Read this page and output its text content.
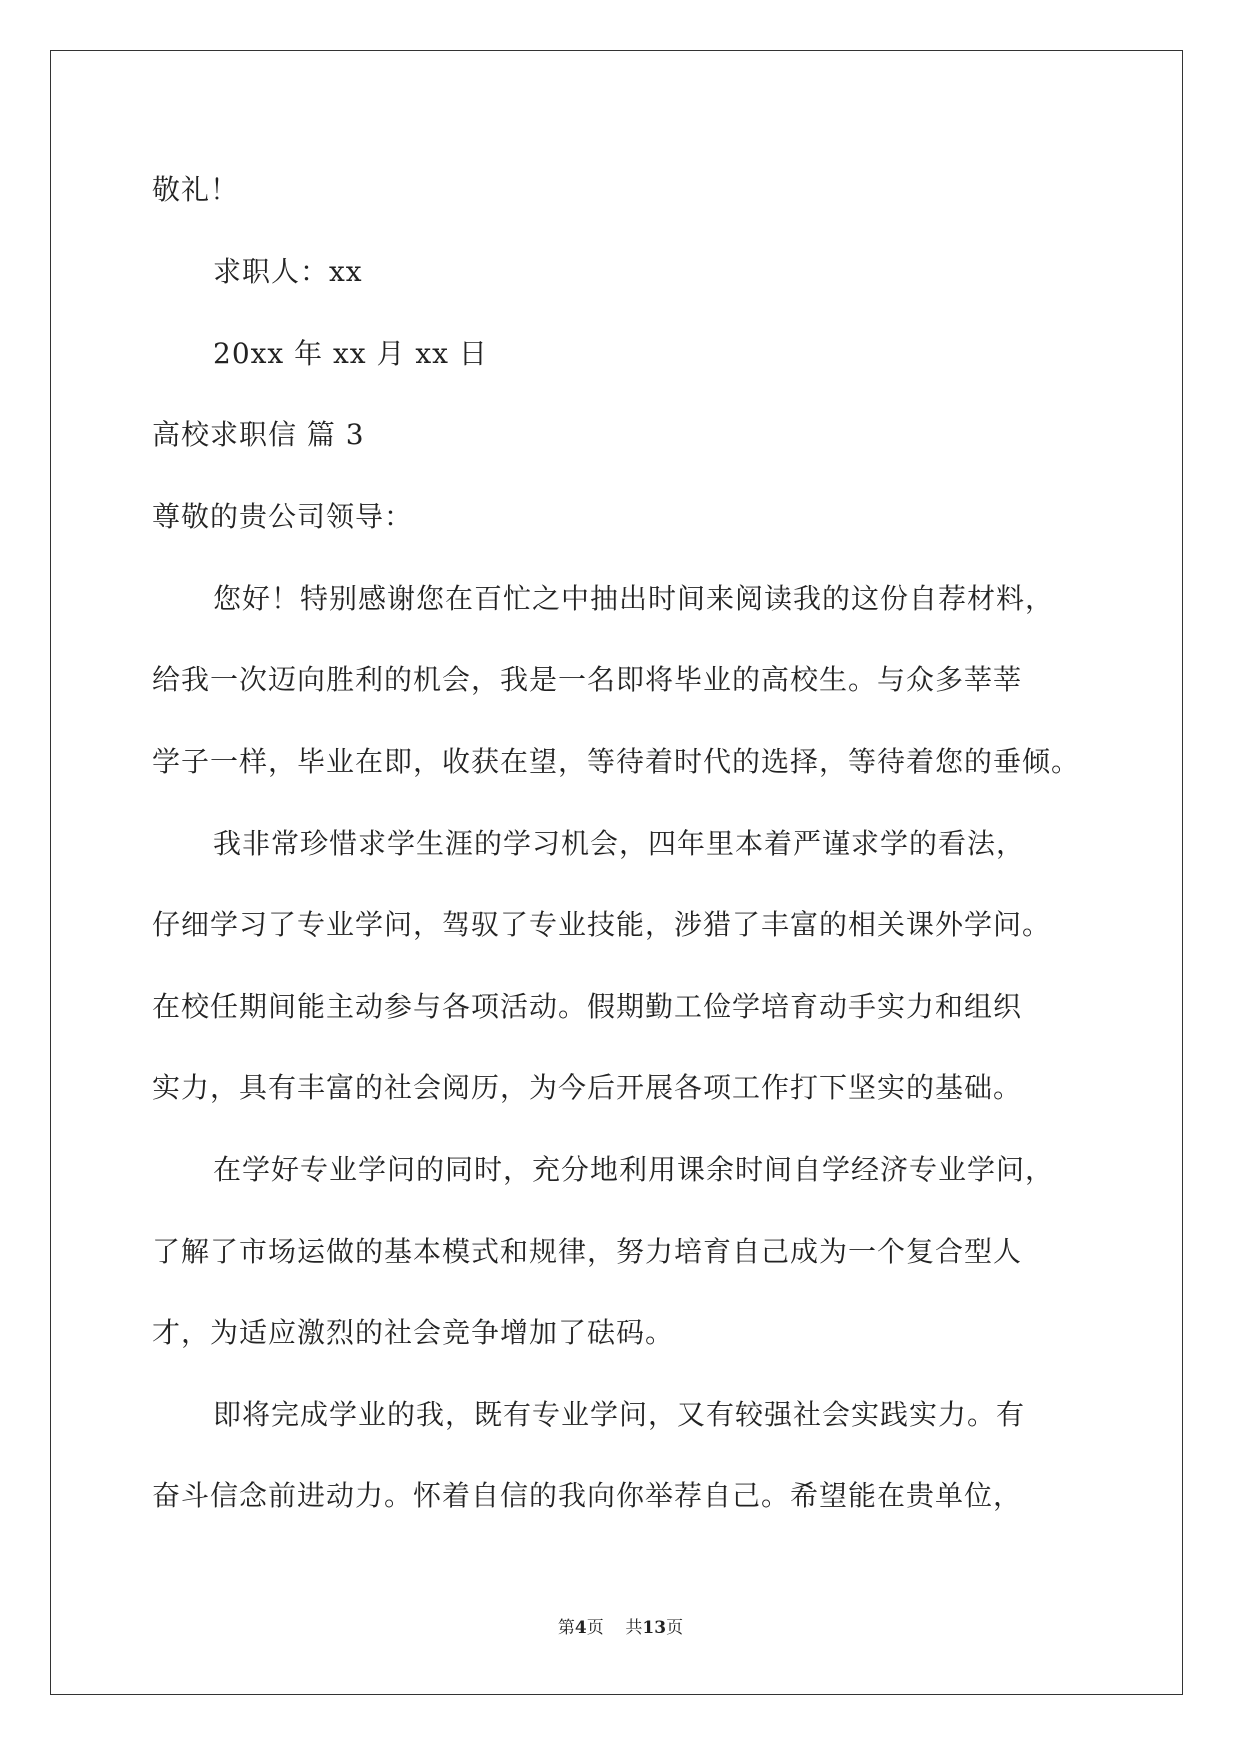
敬礼！
求职人：xx
20xx 年 xx 月 xx 日
高校求职信 篇 3
尊敬的贵公司领导：
您好！特别感谢您在百忙之中抽出时间来阅读我的这份自荐材料，
给我一次迈向胜利的机会，我是一名即将毕业的高校生。与众多莘莘
学子一样，毕业在即，收获在望，等待着时代的选择，等待着您的垂倾。
我非常珍惜求学生涯的学习机会，四年里本着严谨求学的看法，
仔细学习了专业学问，驾驭了专业技能，涉猎了丰富的相关课外学问。
在校任期间能主动参与各项活动。假期勤工俭学培育动手实力和组织
实力，具有丰富的社会阅历，为今后开展各项工作打下坚实的基础。
在学好专业学问的同时，充分地利用课余时间自学经济专业学问，
了解了市场运做的基本模式和规律，努力培育自己成为一个复合型人
才，为适应激烈的社会竞争增加了砝码。
即将完成学业的我，既有专业学问，又有较强社会实践实力。有
奋斗信念前进动力。怀着自信的我向你举荐自己。希望能在贵单位，
第4页 共13页
